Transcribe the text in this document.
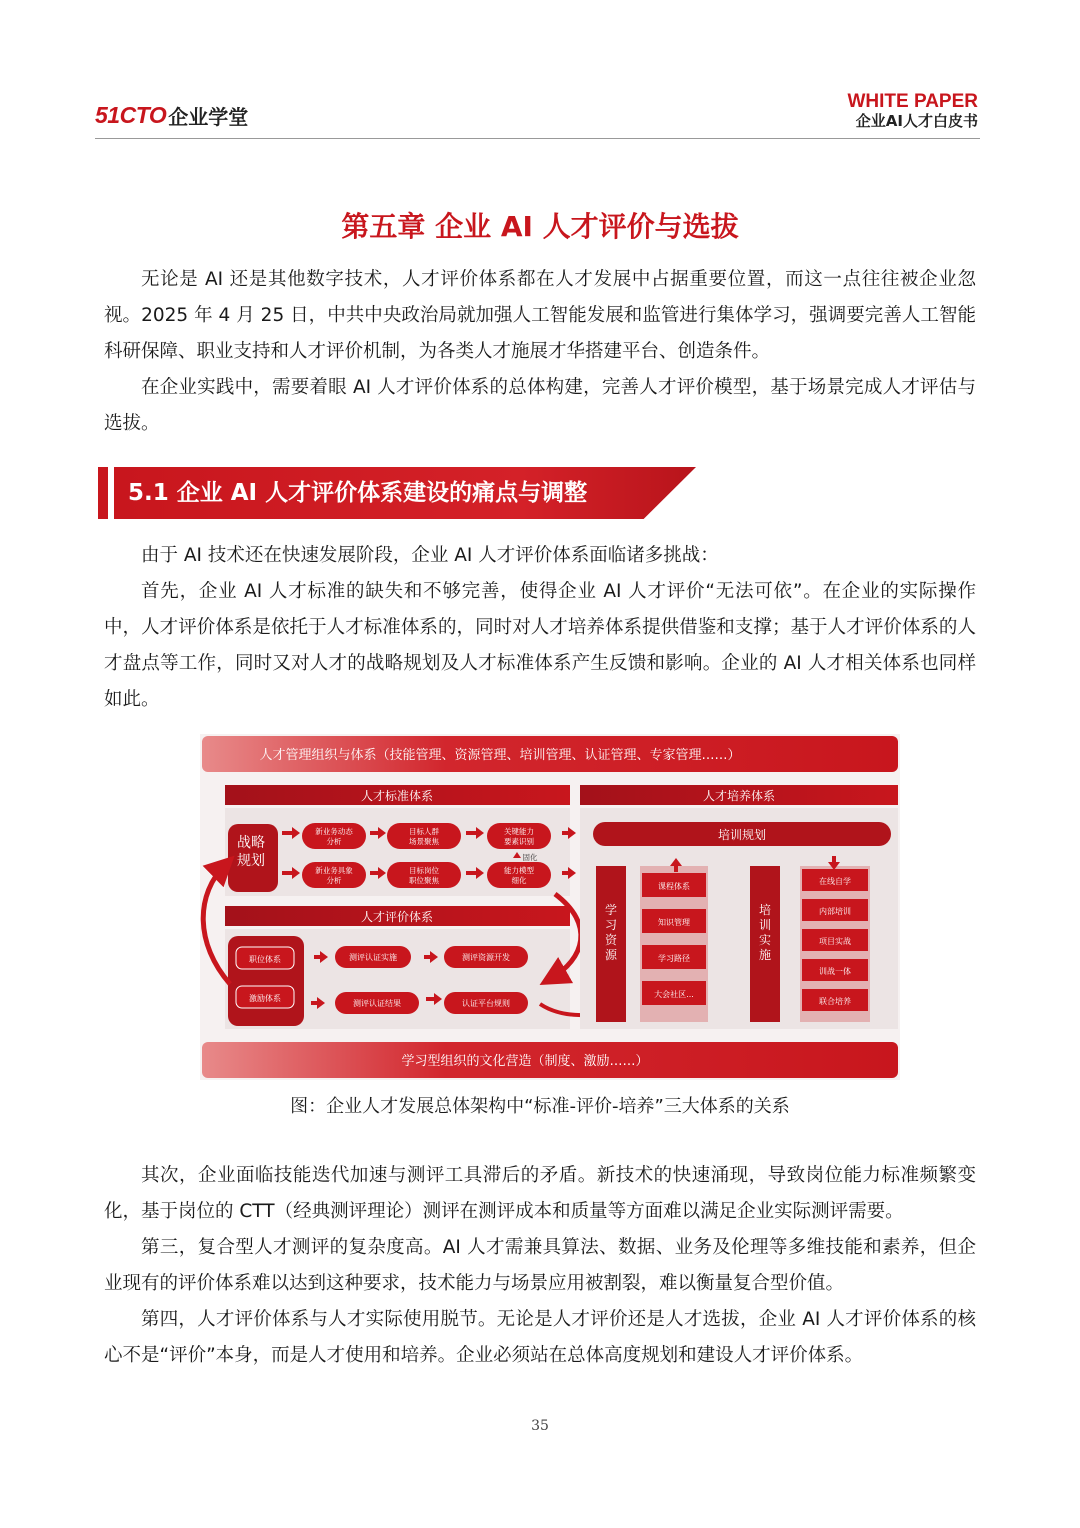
51CTO 企业学堂
WHITE PAPER
企业AI人才白皮书
第五章 企业 AI 人才评价与选拔

无论是 AI 还是其他数字技术，人才评价体系都在人才发展中占据重要位置，而这一点往往被企业忽视。2025 年 4 月 25 日，中共中央政治局就加强人工智能发展和监管进行集体学习，强调要完善人工智能科研保障、职业支持和人才评价机制，为各类人才施展才华搭建平台、创造条件。

在企业实践中，需要着眼 AI 人才评价体系的总体构建，完善人才评价模型，基于场景完成人才评估与选拔。

5.1 企业 AI 人才评价体系建设的痛点与调整

由于 AI 技术还在快速发展阶段，企业 AI 人才评价体系面临诸多挑战：

首先，企业 AI 人才标准的缺失和不够完善，使得企业 AI 人才评价“无法可依”。在企业的实际操作中，人才评价体系是依托于人才标准体系的，同时对人才培养体系提供借鉴和支撑；基于人才评价体系的人才盘点等工作，同时又对人才的战略规划及人才标准体系产生反馈和影响。企业的 AI 人才相关体系也同样如此。

人才管理组织与体系（技能管理、资源管理、培训管理、认证管理、专家管理……）
学习型组织的文化营造（制度、激励……）
人才标准体系
战略规划
新业务动态分析
目标人群场景聚焦
关键能力要素识别
新业务具象分析
目标岗位职位聚焦
能力模型细化
固化
人才评价体系
职位体系
激励体系
测评认证实施	测评资源开发
测评认证结果	认证平台规则
人才培养体系
培训规划
学习资源
课程体系
知识管理
学习路径
大会社区...
培训实施
在线自学
内部培训
项目实战
训战一体
联合培养
图：企业人才发展总体架构中“标准-评价-培养”三大体系的关系

其次，企业面临技能迭代加速与测评工具滞后的矛盾。新技术的快速涌现，导致岗位能力标准频繁变化，基于岗位的 CTT（经典测评理论）测评在测评成本和质量等方面难以满足企业实际测评需要。

第三，复合型人才测评的复杂度高。AI 人才需兼具算法、数据、业务及伦理等多维技能和素养，但企业现有的评价体系难以达到这种要求，技术能力与场景应用被割裂，难以衡量复合型价值。

第四，人才评价体系与人才实际使用脱节。无论是人才评价还是人才选拔，企业 AI 人才评价体系的核心不是“评价”本身，而是人才使用和培养。企业必须站在总体高度规划和建设人才评价体系。

35
